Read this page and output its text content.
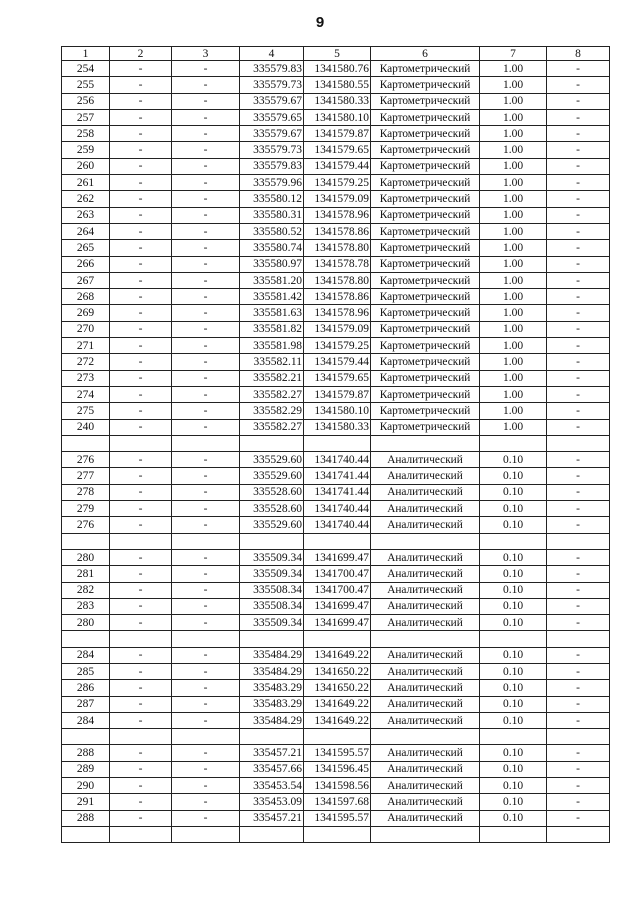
9
1	2	3	4	5	6	7	8
254	-	-	335579.83	1341580.76	Картометрический	1.00	-
255	-	-	335579.73	1341580.55	Картометрический	1.00	-
256	-	-	335579.67	1341580.33	Картометрический	1.00	-
257	-	-	335579.65	1341580.10	Картометрический	1.00	-
258	-	-	335579.67	1341579.87	Картометрический	1.00	-
259	-	-	335579.73	1341579.65	Картометрический	1.00	-
260	-	-	335579.83	1341579.44	Картометрический	1.00	-
261	-	-	335579.96	1341579.25	Картометрический	1.00	-
262	-	-	335580.12	1341579.09	Картометрический	1.00	-
263	-	-	335580.31	1341578.96	Картометрический	1.00	-
264	-	-	335580.52	1341578.86	Картометрический	1.00	-
265	-	-	335580.74	1341578.80	Картометрический	1.00	-
266	-	-	335580.97	1341578.78	Картометрический	1.00	-
267	-	-	335581.20	1341578.80	Картометрический	1.00	-
268	-	-	335581.42	1341578.86	Картометрический	1.00	-
269	-	-	335581.63	1341578.96	Картометрический	1.00	-
270	-	-	335581.82	1341579.09	Картометрический	1.00	-
271	-	-	335581.98	1341579.25	Картометрический	1.00	-
272	-	-	335582.11	1341579.44	Картометрический	1.00	-
273	-	-	335582.21	1341579.65	Картометрический	1.00	-
274	-	-	335582.27	1341579.87	Картометрический	1.00	-
275	-	-	335582.29	1341580.10	Картометрический	1.00	-
240	-	-	335582.27	1341580.33	Картометрический	1.00	-

276	-	-	335529.60	1341740.44	Аналитический	0.10	-
277	-	-	335529.60	1341741.44	Аналитический	0.10	-
278	-	-	335528.60	1341741.44	Аналитический	0.10	-
279	-	-	335528.60	1341740.44	Аналитический	0.10	-
276	-	-	335529.60	1341740.44	Аналитический	0.10	-

280	-	-	335509.34	1341699.47	Аналитический	0.10	-
281	-	-	335509.34	1341700.47	Аналитический	0.10	-
282	-	-	335508.34	1341700.47	Аналитический	0.10	-
283	-	-	335508.34	1341699.47	Аналитический	0.10	-
280	-	-	335509.34	1341699.47	Аналитический	0.10	-

284	-	-	335484.29	1341649.22	Аналитический	0.10	-
285	-	-	335484.29	1341650.22	Аналитический	0.10	-
286	-	-	335483.29	1341650.22	Аналитический	0.10	-
287	-	-	335483.29	1341649.22	Аналитический	0.10	-
284	-	-	335484.29	1341649.22	Аналитический	0.10	-

288	-	-	335457.21	1341595.57	Аналитический	0.10	-
289	-	-	335457.66	1341596.45	Аналитический	0.10	-
290	-	-	335453.54	1341598.56	Аналитический	0.10	-
291	-	-	335453.09	1341597.68	Аналитический	0.10	-
288	-	-	335457.21	1341595.57	Аналитический	0.10	-
